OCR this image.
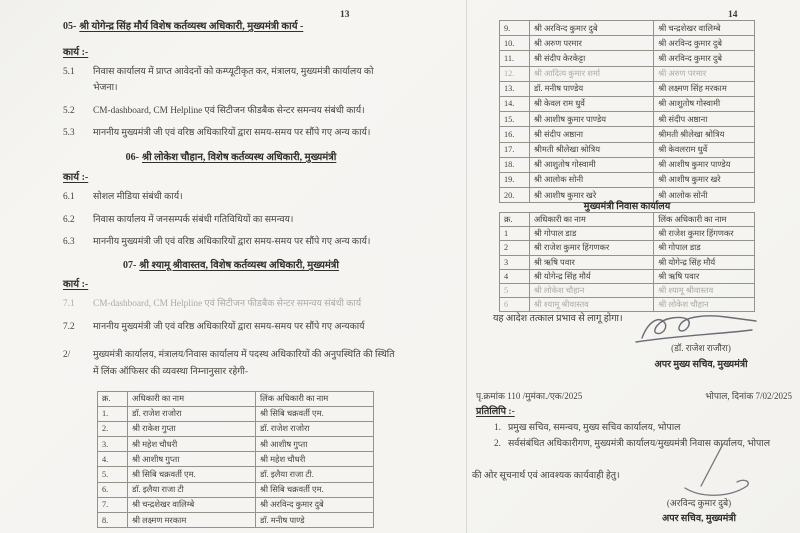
13
05- श्री योगेन्द्र सिंह मौर्य विशेष कर्तव्यस्थ अधिकारी, मुख्यमंत्री कार्य -
कार्य :-
5.1	निवास कार्यालय में प्राप्त आवेदनों को कम्प्यूटीकृत कर, मंत्रालय, मुख्यमंत्री कार्यालय को भेजना।
5.2	CM-dashboard, CM Helpline एवं सिटीजन फीडबैक सेन्टर समन्वय संबंधी कार्य।
5.3	माननीय मुख्यमंत्री जी एवं वरिष्ठ अधिकारियों द्वारा समय-समय पर सौंपे गए अन्य कार्य।
06- श्री लोकेश चौहान, विशेष कर्तव्यस्थ अधिकारी, मुख्यमंत्री
कार्य :-
6.1	सोशल मीडिया संबंधी कार्य।
6.2	निवास कार्यालय में जनसम्पर्क संबंधी गतिविधियों का समन्वय।
6.3	माननीय मुख्यमंत्री जी एवं वरिष्ठ अधिकारियों द्वारा समय-समय पर सौंपे गए अन्य कार्य।
07- श्री श्यामू श्रीवास्तव, विशेष कर्तव्यस्थ अधिकारी, मुख्यमंत्री
कार्य :-
7.1	CM-dashboard, CM Helpline एवं सिटीजन फीडबैक सेन्टर समन्वय संबंधी कार्य
7.2	माननीय मुख्यमंत्री जी एवं वरिष्ठ अधिकारियों द्वारा समय-समय पर सौंपे गए अन्यकार्य
2/	मुख्यमंत्री कार्यालय, मंत्रालय/निवास कार्यालय में पदस्थ अधिकारियों की अनुपस्थिति की स्थिति में लिंक ऑफिसर की व्यवस्था निम्नानुसार रहेगी-
क्र.	अधिकारी का नाम	लिंक अधिकारी का नाम
1.	डॉ. राजेश राजोरा	श्री सिबि चक्रवर्ती एम.
2.	श्री राकेश गुप्ता	डॉ. राजेश राजोरा
3.	श्री महेश चौधरी	श्री आशीष गुप्ता
4.	श्री आशीष गुप्ता	श्री महेश चौधरी
5.	श्री सिबि चक्रवर्ती एम.	डॉ. इलैया राजा टी.
6.	डॉ. इलैया राजा टी	श्री सिबि चक्रवर्ती एम.
7.	श्री चन्द्रशेखर वालिम्बे	श्री अरविन्द कुमार दुबे
8.	श्री लक्ष्मण मरकाम	डॉ. मनीष पाण्डे
14
9.	श्री अरविन्द कुमार दुबे	श्री चन्द्रशेखर वालिम्बे
10.	श्री अरुण परमार	श्री अरविन्द कुमार दुबे
11.	श्री संदीप केरकेट्टा	श्री अरविन्द कुमार दुबे
12.	श्री आदित्य कुमार शर्मा	श्री अरुण परमार
13.	डॉ. मनीष पाण्डेय	श्री लक्ष्मण सिंह मरकाम
14.	श्री केवल राम धुर्वे	श्री आशुतोष गोस्वामी
15.	श्री आशीष कुमार पाण्डेय	श्री संदीप अष्ठाना
16.	श्री संदीप अष्ठाना	श्रीमती श्रीलेखा श्रोत्रिय
17.	श्रीमती श्रीलेखा श्रोत्रिय	श्री केवलराम धुर्वे
18.	श्री आशुतोष गोस्वामी	श्री आशीष कुमार पाण्डेय
19.	श्री आलोक सोनी	श्री आशीष कुमार खरे
20.	श्री आशीष कुमार खरे	श्री आलोक सोनी
मुख्यमंत्री निवास कार्यालय
क्र.	अधिकारी का नाम	लिंक अधिकारी का नाम
1	श्री गोपाल डाड	श्री राजेश कुमार हिंगणकर
2	श्री राजेश कुमार हिंगणकर	श्री गोपाल डाड
3	श्री ऋषि पवार	श्री योगेन्द्र सिंह मौर्य
4	श्री योगेन्द्र सिंह मौर्य	श्री ऋषि पवार
5	श्री लोकेश चौहान	श्री श्यामू श्रीवास्तव
6	श्री श्यामू श्रीवास्तव	श्री लोकेश चौहान
यह आदेश तत्काल प्रभाव से लागू होगा।
(डॉ. राजेश राजौरा)
अपर मुख्य सचिव, मुख्यमंत्री
पृ.क्रमांक 110 /मुमंका./एक/2025	भोपाल, दिनांक 7/02/2025
प्रतिलिपि :-
1. प्रमुख सचिव, समन्वय, मुख्य सचिव कार्यालय, भोपाल
2. सर्वसंबंधित अधिकारीगण, मुख्यमंत्री कार्यालय/मुख्यमंत्री निवास कार्यालय, भोपाल
की ओर सूचनार्थ एवं आवश्यक कार्यवाही हेतु।
(अरविन्द कुमार दुबे)
अपर सचिव, मुख्यमंत्री
